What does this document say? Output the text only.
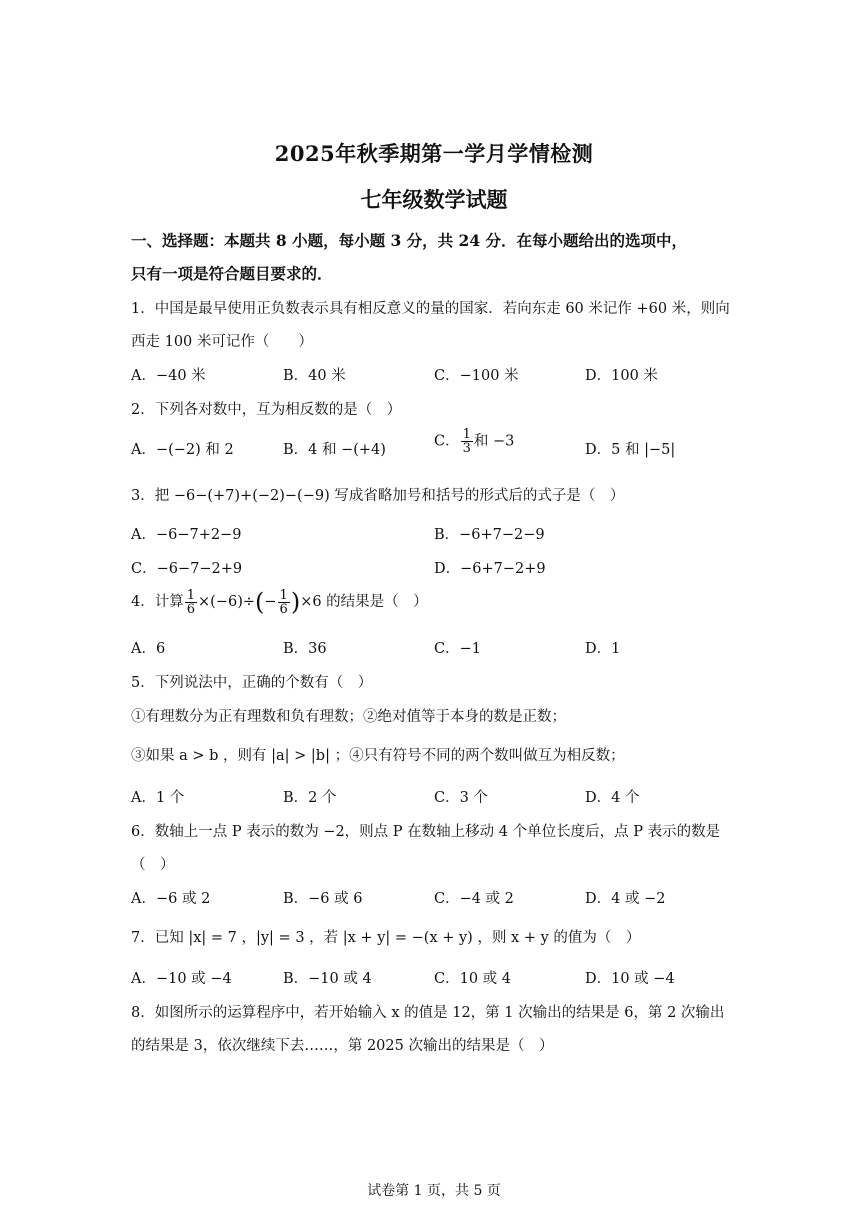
2025年秋季期第一学月学情检测
七年级数学试题
一、选择题：本题共 8 小题，每小题 3 分，共 24 分．在每小题给出的选项中，
只有一项是符合题目要求的．
1．中国是最早使用正负数表示具有相反意义的量的国家．若向东走 60 米记作 +60 米，则向
西走 100 米可记作（　　）
A．−40 米	B．40 米	C．−100 米	D．100 米
2．下列各对数中，互为相反数的是（　）
A．−(−2) 和 2	B．4 和 −(+4)
C． $\frac{1}{3}$ 和 −3
D．5 和 |−5|
3．把 −6−(+7)+(−2)−(−9) 写成省略加号和括号的形式后的式子是（　）
A．−6−7+2−9	B．−6+7−2−9
C．−6−7−2+9	D．−6+7−2+9
4．计算 $\frac{1}{6} \times(-6)\div(- \frac{1}{6} )\times 6$ 的结果是（　）
A．6	B．36	C．−1	D．1
5．下列说法中，正确的个数有（　）
①有理数分为正有理数和负有理数；②绝对值等于本身的数是正数；
③如果 a > b ，则有 |a| > |b| ；④只有符号不同的两个数叫做互为相反数；
A．1 个	B．2 个	C．3 个	D．4 个
6．数轴上一点 P 表示的数为 −2，则点 P 在数轴上移动 4 个单位长度后，点 P 表示的数是
（　）
A．−6 或 2	B．−6 或 6	C．−4 或 2	D．4 或 −2
7．已知 |x| = 7 ，|y| = 3 ，若 |x + y| = −(x + y) ，则 x + y 的值为（　）
A．−10 或 −4	B．−10 或 4	C．10 或 4	D．10 或 −4
8．如图所示的运算程序中，若开始输入 x 的值是 12，第 1 次输出的结果是 6，第 2 次输出
的结果是 3，依次继续下去……，第 2025 次输出的结果是（　）
试卷第 1 页，共 5 页
